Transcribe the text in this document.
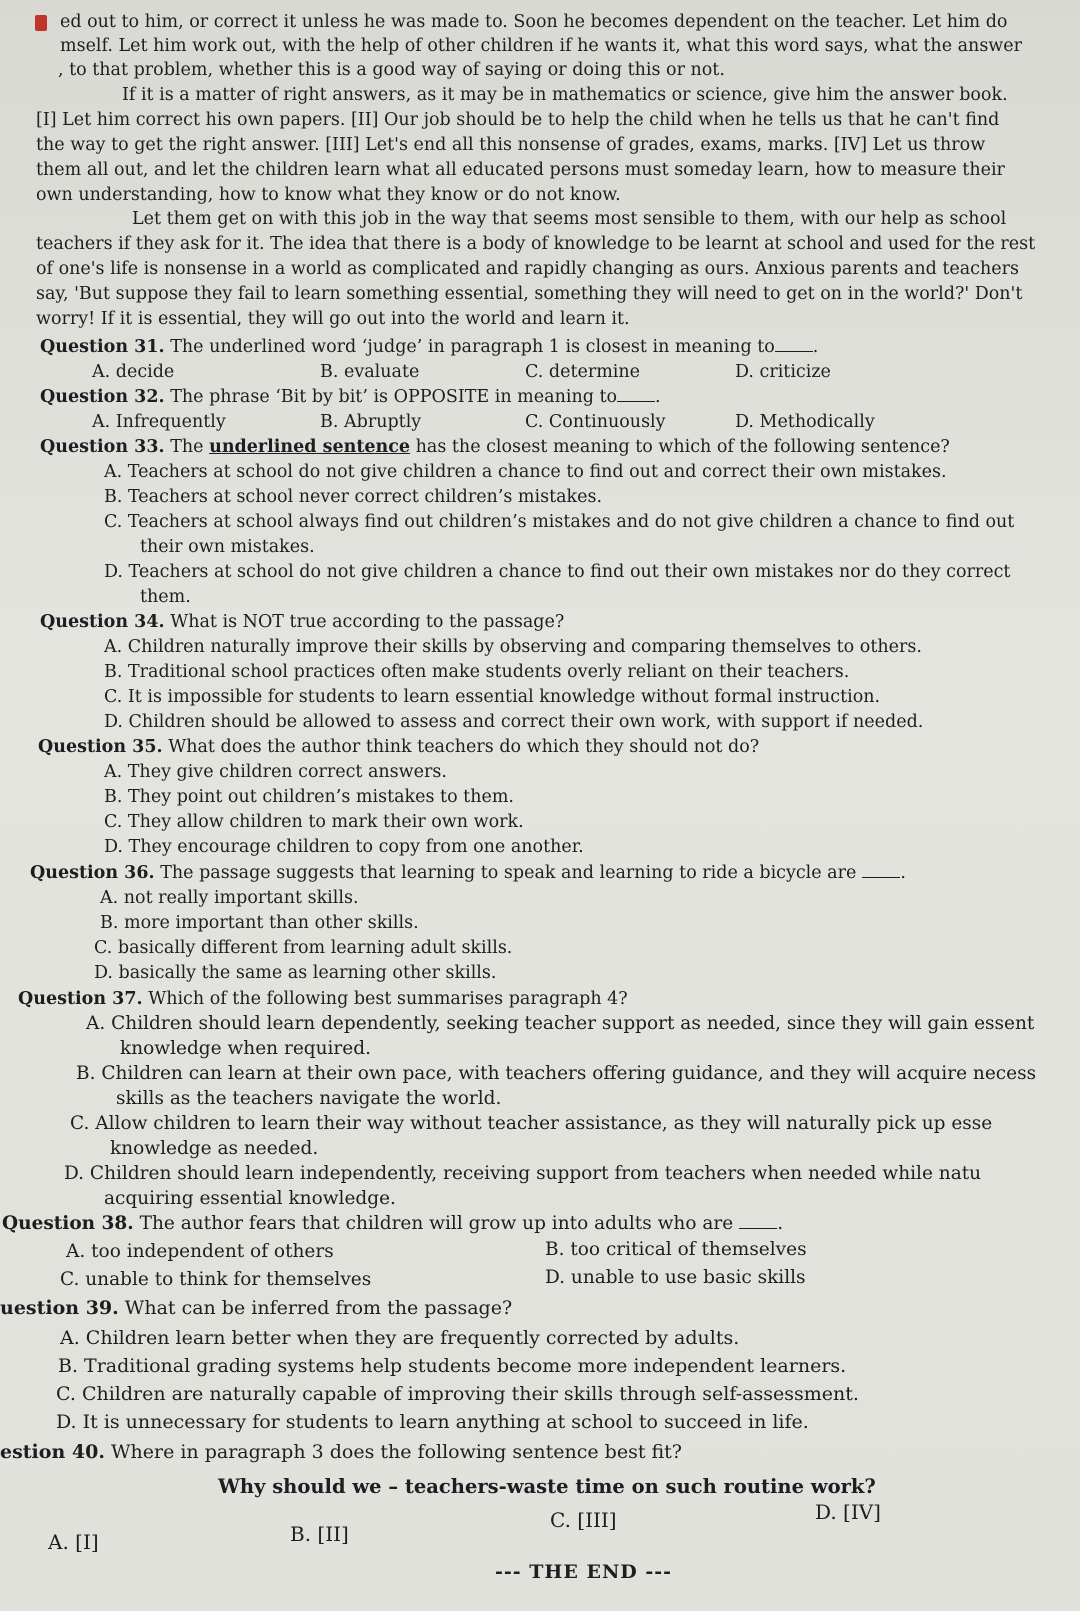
ed out to him, or correct it unless he was made to. Soon he becomes dependent on the teacher. Let him do
mself. Let him work out, with the help of other children if he wants it, what this word says, what the answer
, to that problem, whether this is a good way of saying or doing this or not.
If it is a matter of right answers, as it may be in mathematics or science, give him the answer book.
[I] Let him correct his own papers. [II] Our job should be to help the child when he tells us that he can't find
the way to get the right answer. [III] Let's end all this nonsense of grades, exams, marks. [IV] Let us throw
them all out, and let the children learn what all educated persons must someday learn, how to measure their
own understanding, how to know what they know or do not know.
Let them get on with this job in the way that seems most sensible to them, with our help as school
teachers if they ask for it. The idea that there is a body of knowledge to be learnt at school and used for the rest
of one's life is nonsense in a world as complicated and rapidly changing as ours. Anxious parents and teachers
say, 'But suppose they fail to learn something essential, something they will need to get on in the world?' Don't
worry! If it is essential, they will go out into the world and learn it.
Question 31. The underlined word ‘judge’ in paragraph 1 is closest in meaning to .
A. decide	B. evaluate	C. determine	D. criticize
Question 32. The phrase ‘Bit by bit’ is OPPOSITE in meaning to .
A. Infrequently	B. Abruptly	C. Continuously	D. Methodically
Question 33. The underlined sentence has the closest meaning to which of the following sentence?
A. Teachers at school do not give children a chance to find out and correct their own mistakes.
B. Teachers at school never correct children’s mistakes.
C. Teachers at school always find out children’s mistakes and do not give children a chance to find out
their own mistakes.
D. Teachers at school do not give children a chance to find out their own mistakes nor do they correct
them.
Question 34. What is NOT true according to the passage?
A. Children naturally improve their skills by observing and comparing themselves to others.
B. Traditional school practices often make students overly reliant on their teachers.
C. It is impossible for students to learn essential knowledge without formal instruction.
D. Children should be allowed to assess and correct their own work, with support if needed.
Question 35. What does the author think teachers do which they should not do?
A. They give children correct answers.
B. They point out children’s mistakes to them.
C. They allow children to mark their own work.
D. They encourage children to copy from one another.
Question 36. The passage suggests that learning to speak and learning to ride a bicycle are	.
A. not really important skills.
B. more important than other skills.
C. basically different from learning adult skills.
D. basically the same as learning other skills.
Question 37. Which of the following best summarises paragraph 4?
A. Children should learn dependently, seeking teacher support as needed, since they will gain essent
knowledge when required.
B. Children can learn at their own pace, with teachers offering guidance, and they will acquire necess
skills as the teachers navigate the world.
C. Allow children to learn their way without teacher assistance, as they will naturally pick up esse
knowledge as needed.
D. Children should learn independently, receiving support from teachers when needed while natu
acquiring essential knowledge.
Question 38. The author fears that children will grow up into adults who are .
A. too independent of others	B. too critical of themselves
C. unable to think for themselves	D. unable to use basic skills
uestion 39. What can be inferred from the passage?
A. Children learn better when they are frequently corrected by adults.
B. Traditional grading systems help students become more independent learners.
C. Children are naturally capable of improving their skills through self-assessment.
D. It is unnecessary for students to learn anything at school to succeed in life.
estion 40. Where in paragraph 3 does the following sentence best fit?
Why should we – teachers-waste time on such routine work?
A. [I]	B. [II]
C. [III]	D. [IV]
--- THE END ---
